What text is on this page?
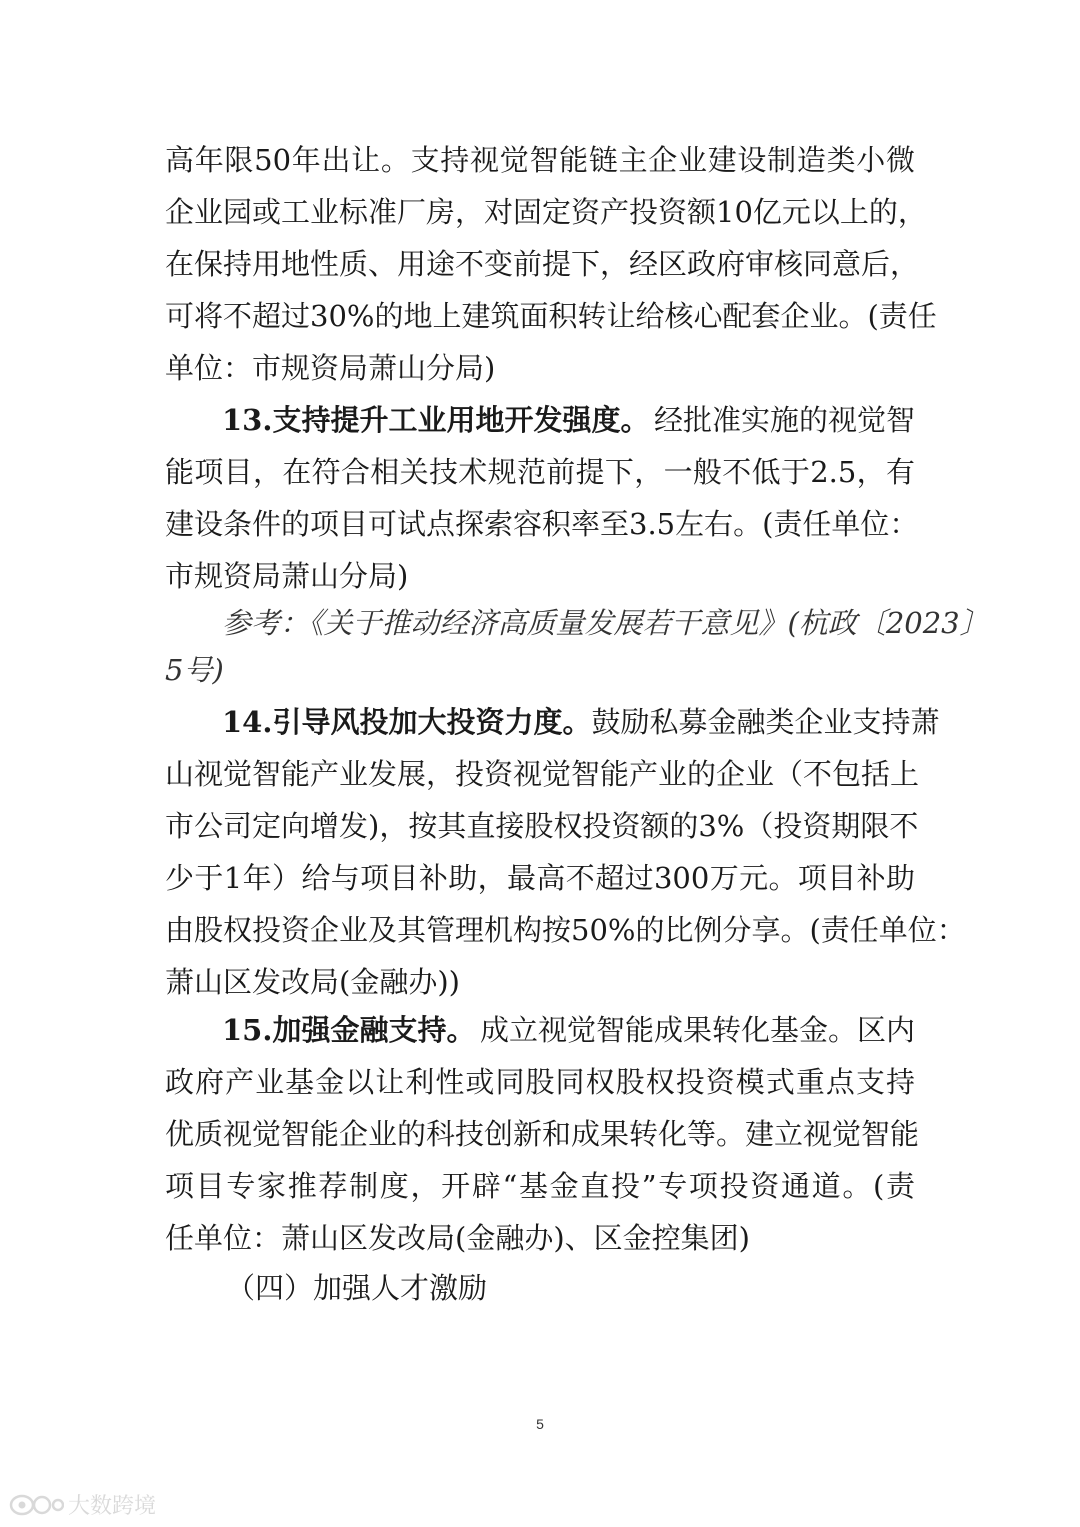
高年限50年出让。支持视觉智能链主企业建设制造类小微
企业园或工业标准厂房，对固定资产投资额10亿元以上的，
在保持用地性质、用途不变前提下，经区政府审核同意后，
可将不超过30%的地上建筑面积转让给核心配套企业。(责任
单位：市规资局萧山分局)
13.支持提升工业用地开发强度。 经批准实施的视觉智
能项目，在符合相关技术规范前提下，一般不低于2.5，有
建设条件的项目可试点探索容积率至3.5左右。(责任单位：
市规资局萧山分局)
参考：《关于推动经济高质量发展若干意见》(杭政〔2023〕
5号)
14.引导风投加大投资力度。 鼓励私募金融类企业支持萧
山视觉智能产业发展，投资视觉智能产业的企业（不包括上
市公司定向增发)，按其直接股权投资额的3%（投资期限不
少于1年）给与项目补助，最高不超过300万元。项目补助
由股权投资企业及其管理机构按50%的比例分享。(责任单位：
萧山区发改局(金融办))
15.加强金融支持。 成立视觉智能成果转化基金。区内
政府产业基金以让利性或同股同权股权投资模式重点支持
优质视觉智能企业的科技创新和成果转化等。建立视觉智能
项目专家推荐制度，开辟“基金直投”专项投资通道。(责
任单位：萧山区发改局(金融办)、区金控集团)
（四）加强人才激励
5
大数跨境
